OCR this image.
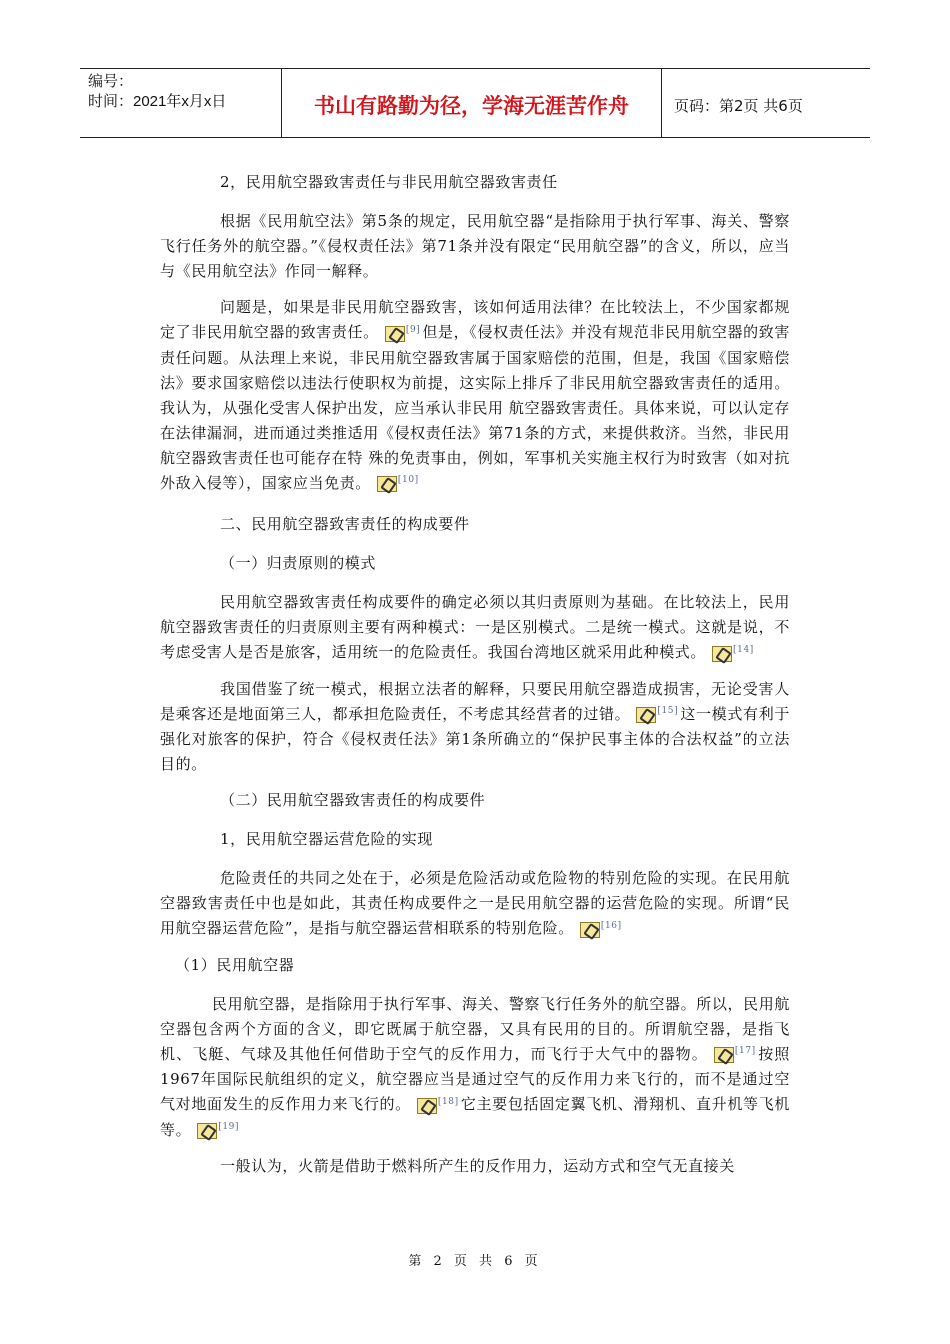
编号：
时间：2021年x月x日	书山有路勤为径，学海无涯苦作舟	页码：第2页 共6页

2，民用航空器致害责任与非民用航空器致害责任

根据《民用航空法》第5条的规定，民用航空器“是指除用于执行军事、海关、警察飞行任务外的航空器。”《侵权责任法》第71条并没有限定“民用航空器”的含义，所以，应当与《民用航空法》作同一解释。

问题是，如果是非民用航空器致害，该如何适用法律？在比较法上，不少国家都规定了非民用航空器的致害责任。	[9] 但是，《侵权责任法》并没有规范非民用航空器的致害责任问题。从法理上来说，非民用航空器致害属于国家赔偿的范围，但是，我国《国家赔偿法》要求国家赔偿以违法行使职权为前提，这实际上排斥了非民用航空器致害责任的适用。我认为，从强化受害人保护出发，应当承认非民用 航空器致害责任。具体来说，可以认定存在法律漏洞，进而通过类推适用《侵权责任法》第71条的方式，来提供救济。当然，非民用航空器致害责任也可能存在特 殊的免责事由，例如，军事机关实施主权行为时致害（如对抗外敌入侵等），国家应当免责。	[10]

二、民用航空器致害责任的构成要件

（一）归责原则的模式

民用航空器致害责任构成要件的确定必须以其归责原则为基础。在比较法上，民用航空器致害责任的归责原则主要有两种模式：一是区别模式。二是统一模式。这就是说，不考虑受害人是否是旅客，适用统一的危险责任。我国台湾地区就采用此种模式。	[14]

我国借鉴了统一模式，根据立法者的解释，只要民用航空器造成损害，无论受害人是乘客还是地面第三人，都承担危险责任，不考虑其经营者的过错。	[15] 这一模式有利于强化对旅客的保护，符合《侵权责任法》第1条所确立的“保护民事主体的合法权益”的立法目的。

（二）民用航空器致害责任的构成要件

1，民用航空器运营危险的实现

危险责任的共同之处在于，必须是危险活动或危险物的特别危险的实现。在民用航空器致害责任中也是如此，其责任构成要件之一是民用航空器的运营危险的实现。所谓“民用航空器运营危险”，是指与航空器运营相联系的特别危险。	[16]

（1）民用航空器

民用航空器，是指除用于执行军事、海关、警察飞行任务外的航空器。所以，民用航空器包含两个方面的含义，即它既属于航空器，又具有民用的目的。所谓航空器，是指飞机、飞艇、气球及其他任何借助于空气的反作用力，而飞行于大气中的器物。	[17] 按照1967年国际民航组织的定义，航空器应当是通过空气的反作用力来飞行的，而不是通过空气对地面发生的反作用力来飞行的。	[18] 它主要包括固定翼飞机、滑翔机、直升机等飞机等。	[19]

一般认为，火箭是借助于燃料所产生的反作用力，运动方式和空气无直接关

第 2 页 共 6 页
